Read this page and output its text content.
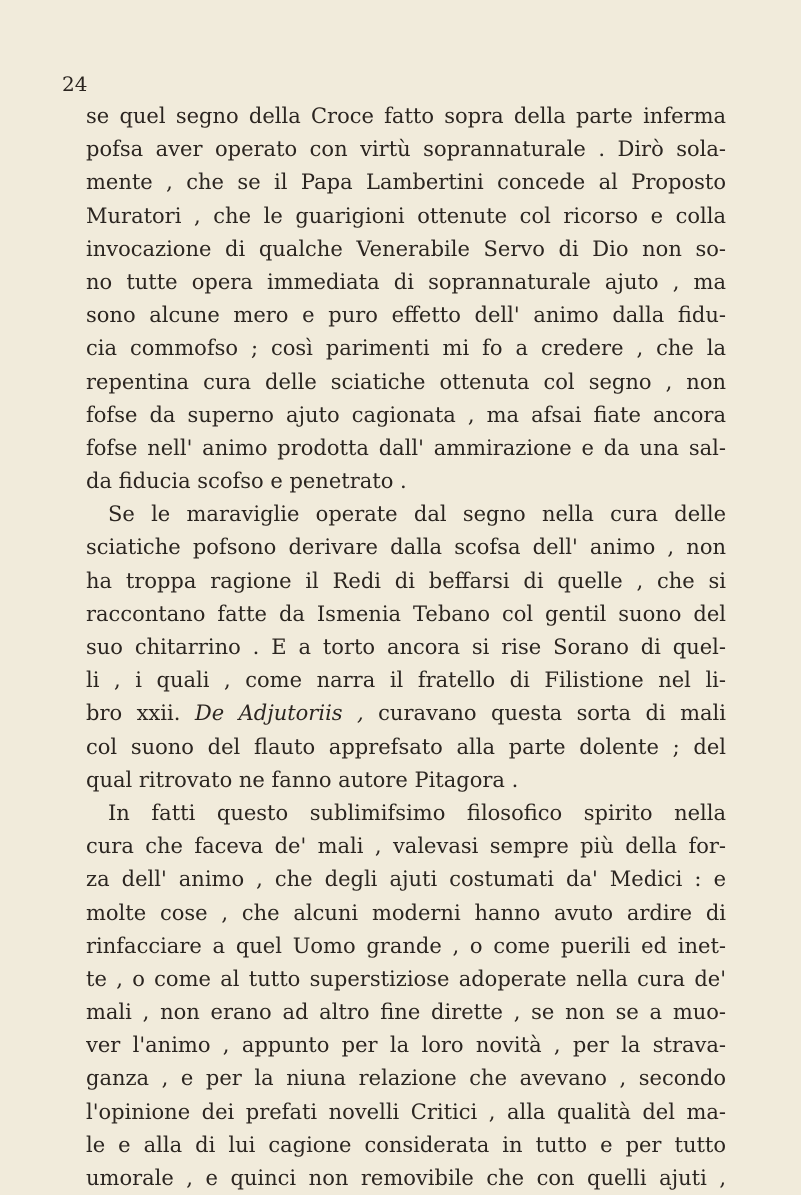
24
se quel segno della Croce fatto sopra della parte inferma
pofsa aver operato con virtù soprannaturale . Dirò sola-
mente , che se il Papa Lambertini concede al Proposto
Muratori , che le guarigioni ottenute col ricorso e colla
invocazione di qualche Venerabile Servo di Dio non so-
no tutte opera immediata di soprannaturale ajuto , ma
sono alcune mero e puro effetto dell' animo dalla fidu-
cia commofso ; così parimenti mi fo a credere , che la
repentina cura delle sciatiche ottenuta col segno , non
fofse da superno ajuto cagionata , ma afsai fiate ancora
fofse nell' animo prodotta dall' ammirazione e da una sal-
da fiducia scofso e penetrato .
Se le maraviglie operate dal segno nella cura delle
sciatiche pofsono derivare dalla scofsa dell' animo , non
ha troppa ragione il Redi di beffarsi di quelle , che si
raccontano fatte da Ismenia Tebano col gentil suono del
suo chitarrino . E a torto ancora si rise Sorano di quel-
li , i quali , come narra il fratello di Filistione nel li-
bro xxii. De Adjutoriis , curavano questa sorta di mali
col suono del flauto apprefsato alla parte dolente ; del
qual ritrovato ne fanno autore Pitagora .
In fatti questo sublimifsimo filosofico spirito nella
cura che faceva de' mali , valevasi sempre più della for-
za dell' animo , che degli ajuti costumati da' Medici : e
molte cose , che alcuni moderni hanno avuto ardire di
rinfacciare a quel Uomo grande , o come puerili ed inet-
te , o come al tutto superstiziose adoperate nella cura de'
mali , non erano ad altro fine dirette , se non se a muo-
ver l'animo , appunto per la loro novità , per la strava-
ganza , e per la niuna relazione che avevano , secondo
l'opinione dei prefati novelli Critici , alla qualità del ma-
le e alla di lui cagione considerata in tutto e per tutto
umorale , e quinci non removibile che con quelli ajuti ,
